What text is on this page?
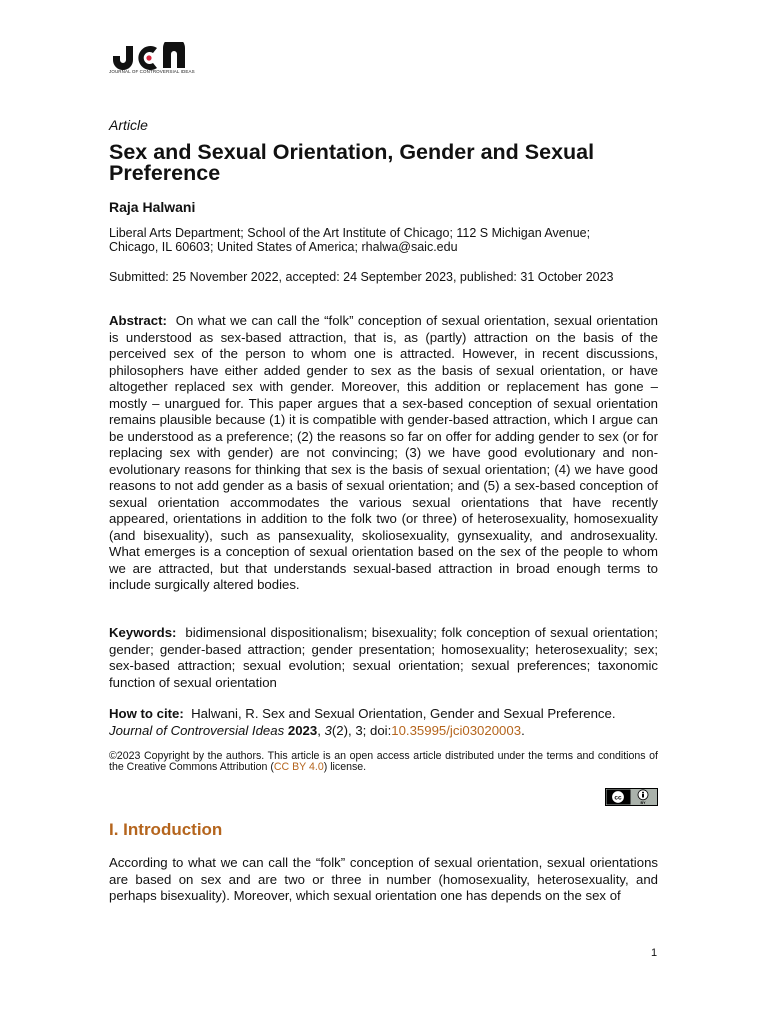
JOURNAL OF CONTROVERSIAL IDEAS
Article
Sex and Sexual Orientation, Gender and Sexual Preference
Raja Halwani
Liberal Arts Department; School of the Art Institute of Chicago; 112 S Michigan Avenue; Chicago, IL 60603; United States of America; rhalwa@saic.edu
Submitted: 25 November 2022, accepted: 24 September 2023, published: 31 October 2023

Abstract: On what we can call the “folk” conception of sexual orientation, sexual orientation is understood as sex-based attraction, that is, as (partly) attraction on the basis of the perceived sex of the person to whom one is attracted. However, in recent discussions, philosophers have either added gender to sex as the basis of sexual orientation, or have altogether replaced sex with gender. Moreover, this addition or replacement has gone – mostly – unargued for. This paper argues that a sex-based conception of sexual orientation remains plausible because (1) it is compatible with gender-based attraction, which I argue can be understood as a preference; (2) the reasons so far on offer for adding gender to sex (or for replacing sex with gender) are not convincing; (3) we have good evolutionary and non-evolutionary reasons for thinking that sex is the basis of sexual orientation; (4) we have good reasons to not add gender as a basis of sexual orientation; and (5) a sex-based conception of sexual orientation accommodates the various sexual orientations that have recently appeared, orientations in addition to the folk two (or three) of heterosexuality, homosexuality (and bisexuality), such as pansexuality, skoliosexuality, gynsexuality, and androsexuality. What emerges is a conception of sexual orientation based on the sex of the people to whom we are attracted, but that understands sexual-based attraction in broad enough terms to include surgically altered bodies.

Keywords: bidimensional dispositionalism; bisexuality; folk conception of sexual orientation; gender; gender-based attraction; gender presentation; homosexuality; heterosexuality; sex; sex-based attraction; sexual evolution; sexual orientation; sexual preferences; taxonomic function of sexual orientation

How to cite: Halwani, R. Sex and Sexual Orientation, Gender and Sexual Preference. Journal of Controversial Ideas 2023, 3(2), 3; doi:10.35995/jci03020003.

©2023 Copyright by the authors. This article is an open access article distributed under the terms and conditions of the Creative Commons Attribution (CC BY 4.0) license.

cc
BY
I. Introduction

According to what we can call the “folk” conception of sexual orientation, sexual orientations are based on sex and are two or three in number (homosexuality, heterosexuality, and perhaps bisexuality). Moreover, which sexual orientation one has depends on the sex of

1
